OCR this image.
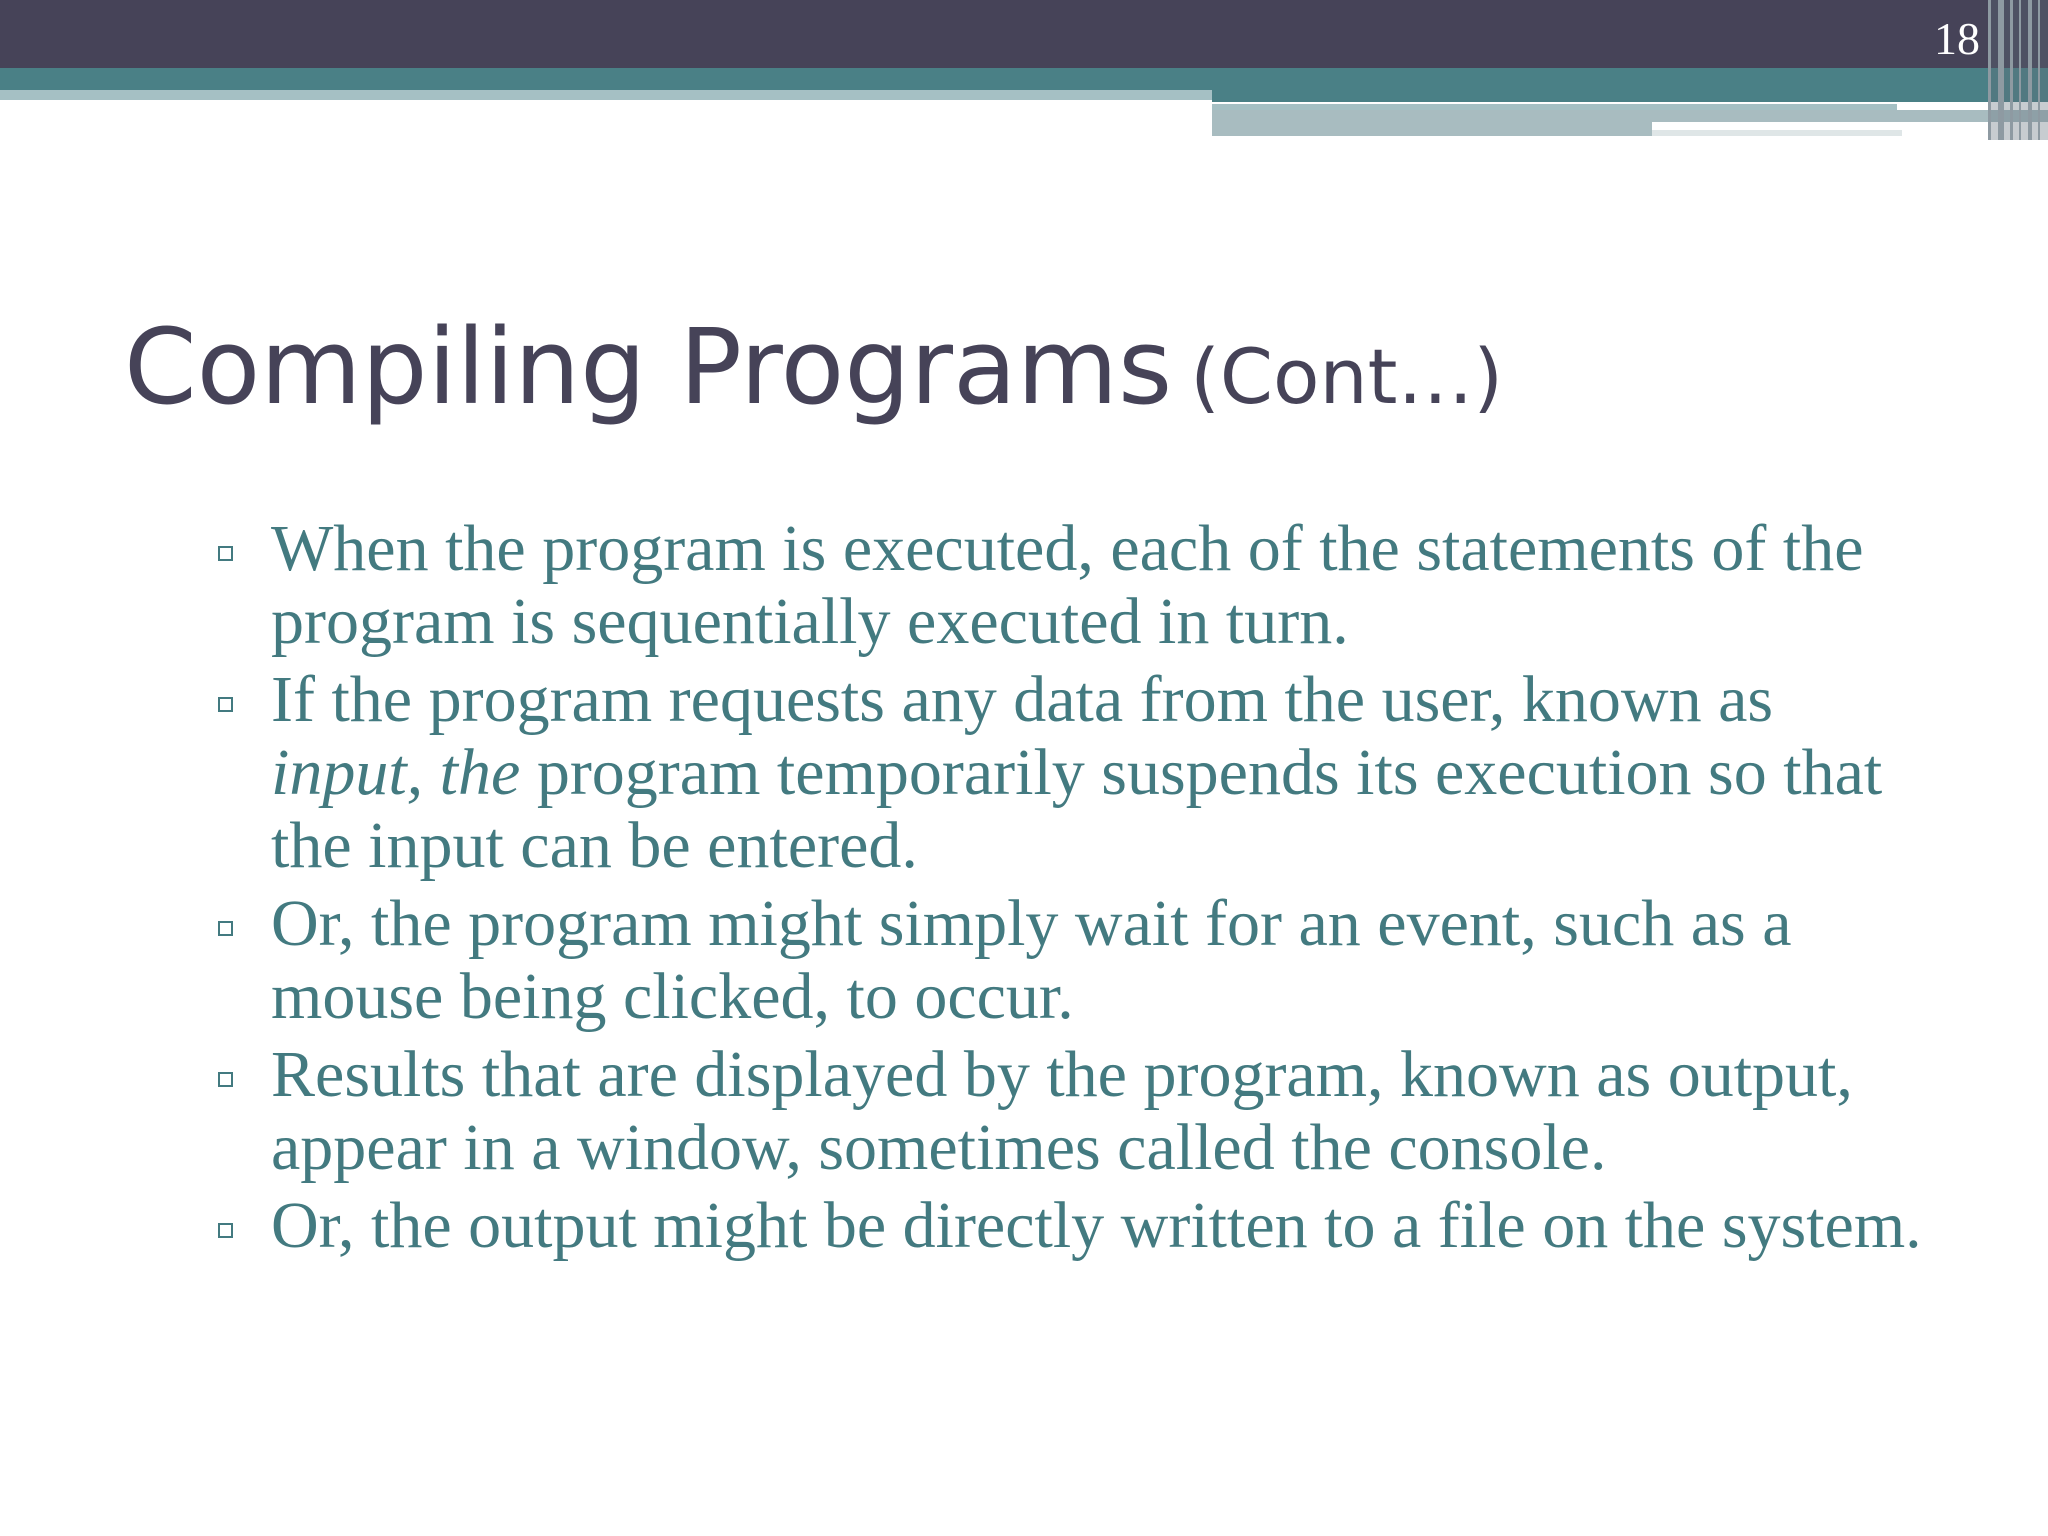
18
Compiling Programs (Cont…)
When the program is executed, each of the statements of the program is sequentially executed in turn.
If the program requests any data from the user, known as input, the program temporarily suspends its execution so that the input can be entered.
Or, the program might simply wait for an event, such as a mouse being clicked, to occur.
Results that are displayed by the program, known as output, appear in a window, sometimes called the console.
Or, the output might be directly written to a file on the system.
